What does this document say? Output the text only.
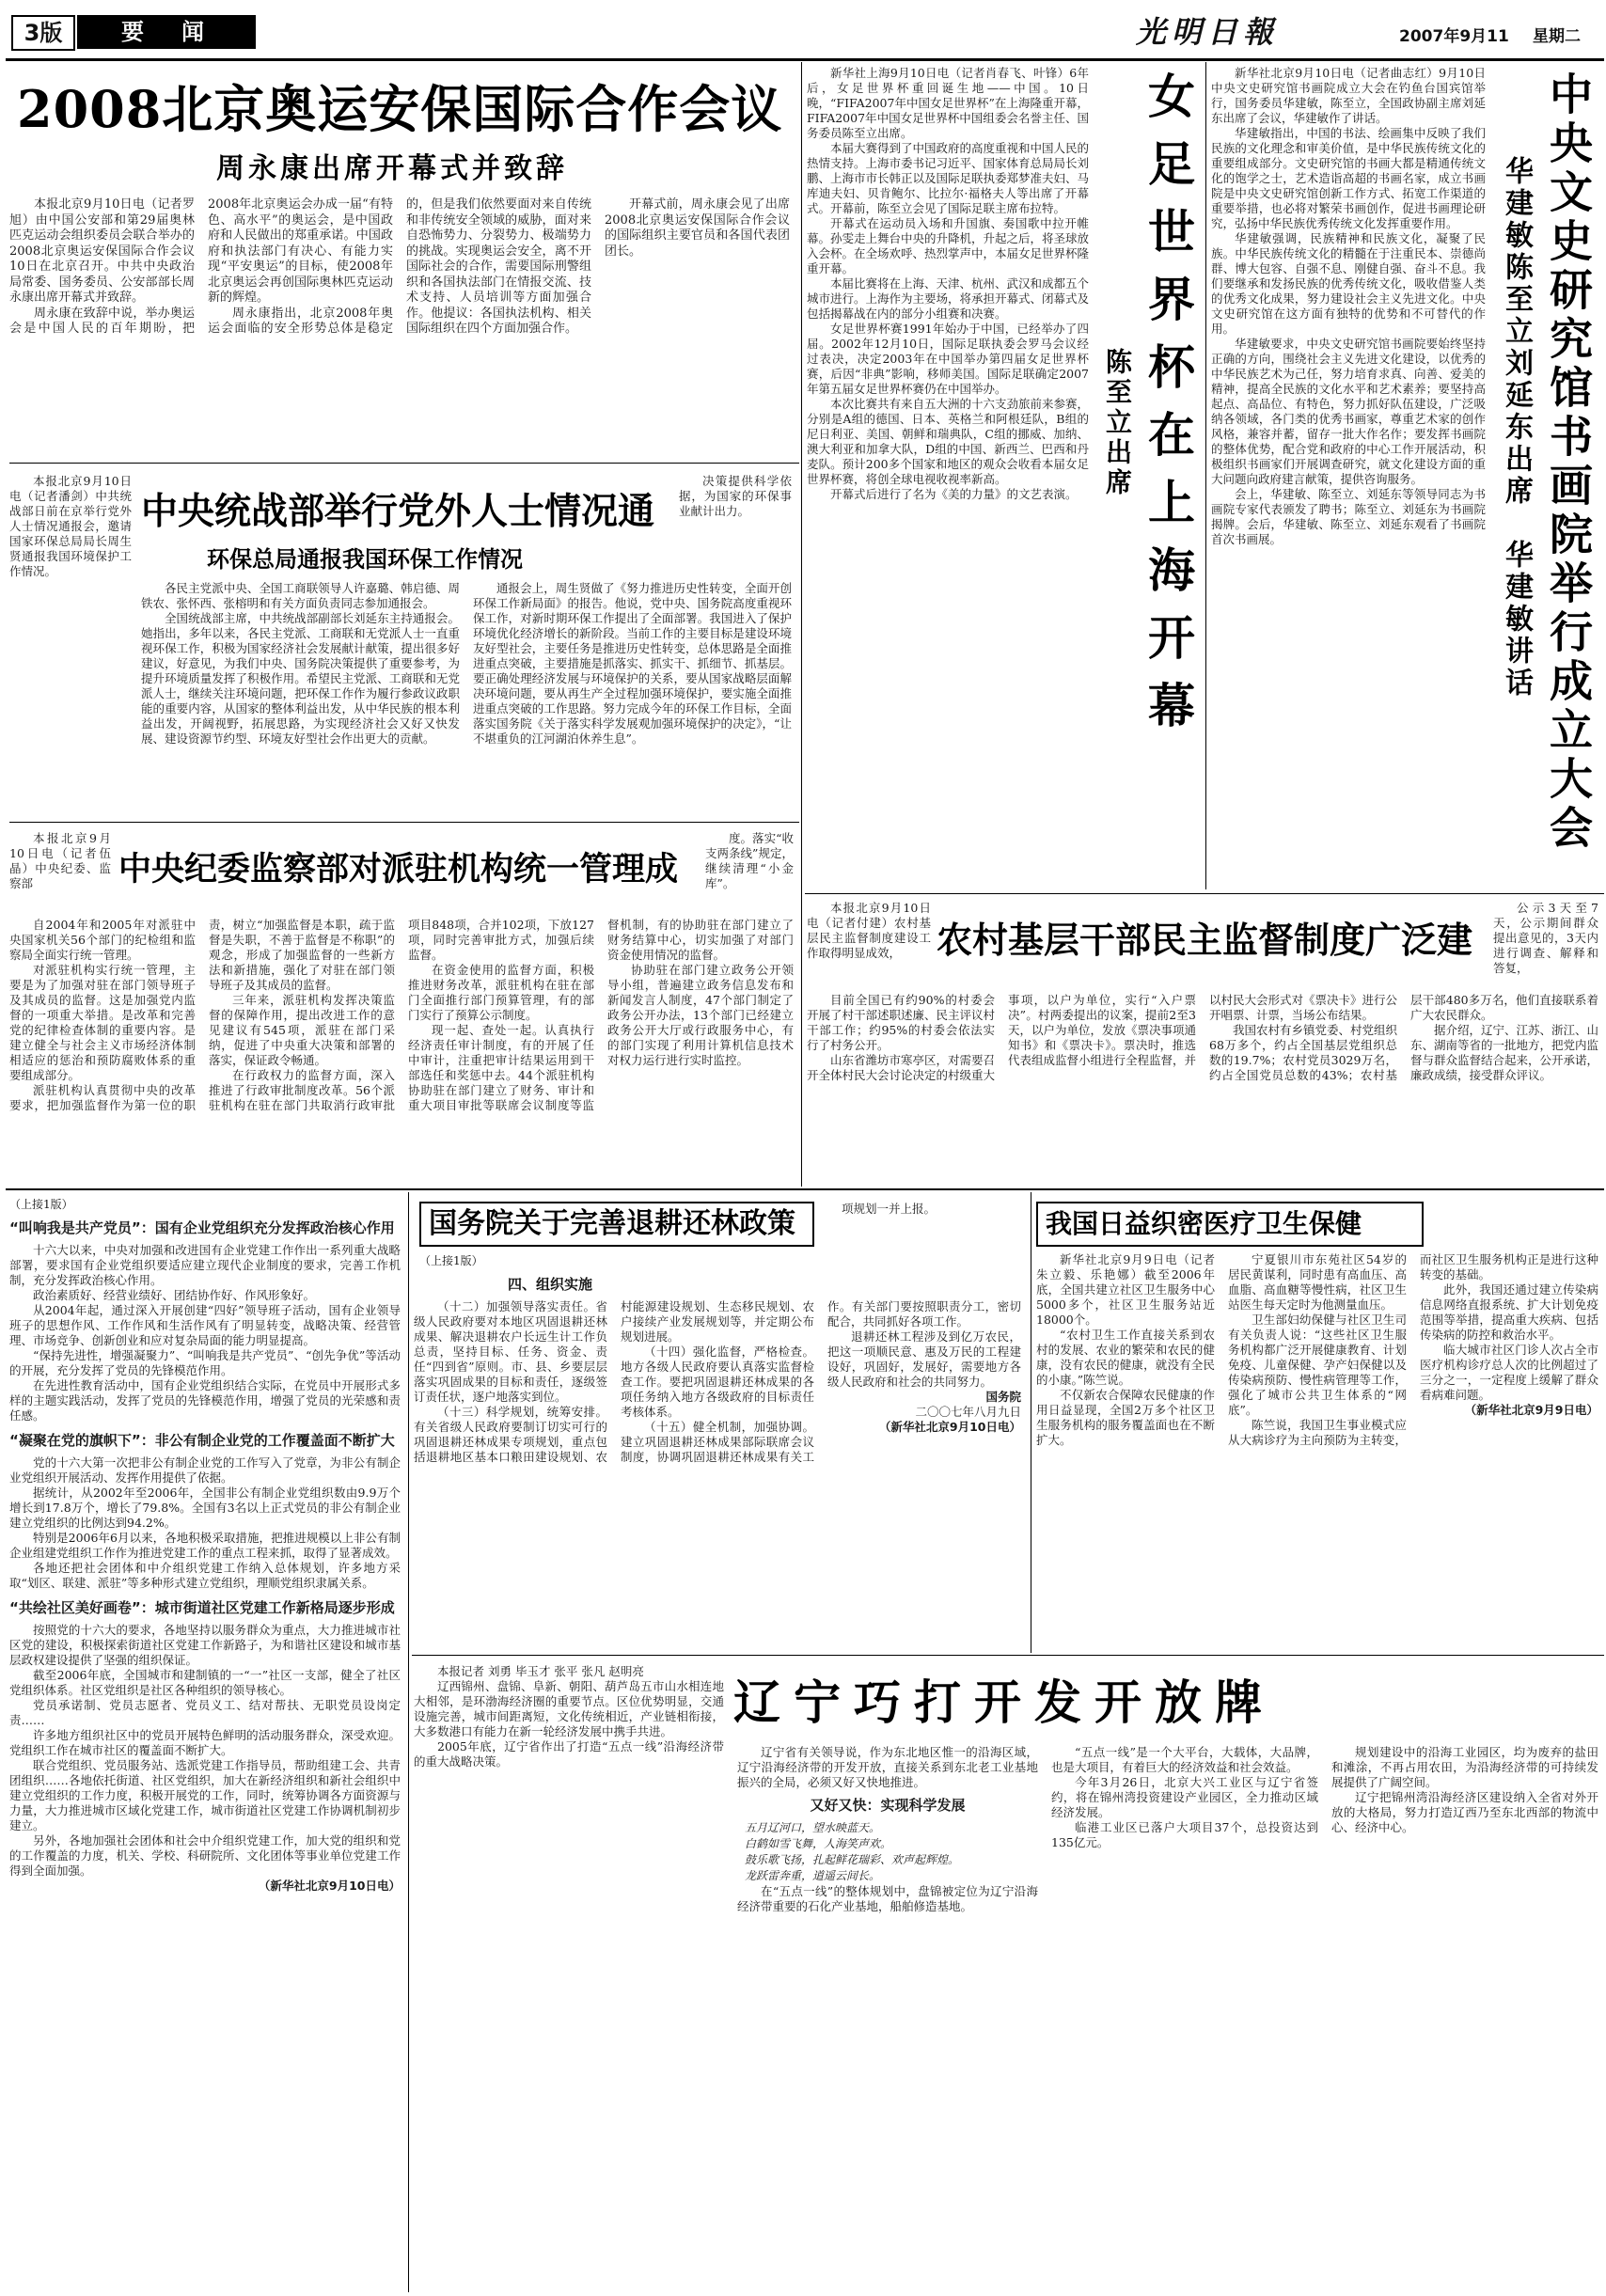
3版	要　闻	光明日報	2007年9月11	星期二
2008北京奥运安保国际合作会议
周永康出席开幕式并致辞

本报北京9月10日电（记者罗旭）由中国公安部和第29届奥林匹克运动会组织委员会联合举办的2008北京奥运安保国际合作会议10日在北京召开。中共中央政治局常委、国务委员、公安部部长周永康出席开幕式并致辞。

周永康在致辞中说，举办奥运会是中国人民的百年期盼，把2008年北京奥运会办成一届“有特色、高水平”的奥运会，是中国政府和人民做出的郑重承诺。中国政府和执法部门有决心、有能力实现“平安奥运”的目标，使2008年北京奥运会再创国际奥林匹克运动新的辉煌。

周永康指出，北京2008年奥运会面临的安全形势总体是稳定的，但是我们依然要面对来自传统和非传统安全领域的威胁，面对来自恐怖势力、分裂势力、极端势力的挑战。实现奥运会安全，离不开国际社会的合作，需要国际刑警组织和各国执法部门在情报交流、技术支持、人员培训等方面加强合作。他提议：各国执法机构、相关国际组织在四个方面加强合作。

开幕式前，周永康会见了出席2008北京奥运安保国际合作会议的国际组织主要官员和各国代表团团长。

本报北京9月10日电（记者潘剑）中共统战部日前在京举行党外人士情况通报会，邀请国家环保总局局长周生贤通报我国环境保护工作情况。

中央统战部举行党外人士情况通
环保总局通报我国环保工作情况

决策提供科学依据，为国家的环保事业献计出力。

各民主党派中央、全国工商联领导人许嘉璐、韩启德、周铁农、张怀西、张榕明和有关方面负责同志参加通报会。

全国统战部主席，中共统战部副部长刘延东主持通报会。她指出，多年以来，各民主党派、工商联和无党派人士一直重视环保工作，积极为国家经济社会发展献计献策，提出很多好建议，好意见，为我们中央、国务院决策提供了重要参考，为提升环境质量发挥了积极作用。希望民主党派、工商联和无党派人士，继续关注环境问题，把环保工作作为履行参政议政职能的重要内容，从国家的整体利益出发，从中华民族的根本利益出发，开阔视野，拓展思路，为实现经济社会又好又快发展、建设资源节约型、环境友好型社会作出更大的贡献。

通报会上，周生贤做了《努力推进历史性转变，全面开创环保工作新局面》的报告。他说，党中央、国务院高度重视环保工作，对新时期环保工作提出了全面部署。我国进入了保护环境优化经济增长的新阶段。当前工作的主要目标是建设环境友好型社会，主要任务是推进历史性转变，总体思路是全面推进重点突破，主要措施是抓落实、抓实干、抓细节、抓基层。要正确处理经济发展与环境保护的关系，要从国家战略层面解决环境问题，要从再生产全过程加强环境保护，要实施全面推进重点突破的工作思路。努力完成今年的环保工作目标，全面落实国务院《关于落实科学发展观加强环境保护的决定》，“让不堪重负的江河湖泊休养生息”。

本报北京9月10日电（记者伍晶）中央纪委、监察部	中央纪委监察部对派驻机构统一管理成

度。落实“收支两条线”规定，继续清理“小金库”。

自2004年和2005年对派驻中央国家机关56个部门的纪检组和监察局全面实行统一管理。

对派驻机构实行统一管理，主要是为了加强对驻在部门领导班子及其成员的监督。这是加强党内监督的一项重大举措。是改革和完善党的纪律检查体制的重要内容。是建立健全与社会主义市场经济体制相适应的惩治和预防腐败体系的重要组成部分。

派驻机构认真贯彻中央的改革要求，把加强监督作为第一位的职责，树立“加强监督是本职，疏于监督是失职，不善于监督是不称职”的观念，形成了加强监督的一些新方法和新措施，强化了对驻在部门领导班子及其成员的监督。

三年来，派驻机构发挥决策监督的保障作用，提出改进工作的意见建议有545项，派驻在部门采纳，促进了中央重大决策和部署的落实，保证政令畅通。

在行政权力的监督方面，深入推进了行政审批制度改革。56个派驻机构在驻在部门共取消行政审批项目848项，合并102项，下放127项，同时完善审批方式，加强后续监督。

在资金使用的监督方面，积极推进财务改革，派驻机构在驻在部门全面推行部门预算管理，有的部门实行了预算公示制度。

现一起、查处一起。认真执行经济责任审计制度，有的开展了任中审计，注重把审计结果运用到干部选任和奖惩中去。44个派驻机构协助驻在部门建立了财务、审计和重大项目审批等联席会议制度等监督机制，有的协助驻在部门建立了财务结算中心，切实加强了对部门资金使用情况的监督。

协助驻在部门建立政务公开领导小组，普遍建立政务信息发布和新闻发言人制度，47个部门制定了政务公开办法，13个部门已经建立政务公开大厅或行政服务中心，有的部门实现了利用计算机信息技术对权力运行进行实时监控。

新华社上海9月10日电（记者肖春飞、叶锋）6年后，女足世界杯重回诞生地——中国。10日晚，“FIFA2007年中国女足世界杯”在上海隆重开幕，FIFA2007年中国女足世界杯中国组委会名誉主任、国务委员陈至立出席。

本届大赛得到了中国政府的高度重视和中国人民的热情支持。上海市委书记习近平、国家体育总局局长刘鹏、上海市市长韩正以及国际足联执委郑梦准夫妇、马库迪夫妇、贝肯鲍尔、比拉尔·福格夫人等出席了开幕式。开幕前，陈至立会见了国际足联主席布拉特。

开幕式在运动员入场和升国旗、奏国歌中拉开帷幕。孙雯走上舞台中央的升降机，升起之后，将圣球放入会杯。在全场欢呼、热烈掌声中，本届女足世界杯隆重开幕。

本届比赛将在上海、天津、杭州、武汉和成都五个城市进行。上海作为主要场，将承担开幕式、闭幕式及包括揭幕战在内的部分小组赛和决赛。

女足世界杯赛1991年始办于中国，已经举办了四届。2002年12月10日，国际足联执委会罗马会议经过表决，决定2003年在中国举办第四届女足世界杯赛，后因“非典”影响，移师美国。国际足联确定2007年第五届女足世界杯赛仍在中国举办。

本次比赛共有来自五大洲的十六支劲旅前来参赛，分别是A组的德国、日本、英格兰和阿根廷队，B组的尼日利亚、美国、朝鲜和瑞典队，C组的挪威、加纳、澳大利亚和加拿大队，D组的中国、新西兰、巴西和丹麦队。预计200多个国家和地区的观众会收看本届女足世界杯赛，将创全球电视收视率新高。

开幕式后进行了名为《美的力量》的文艺表演。 女足世界杯在上海开幕
陈至立出席

新华社北京9月10日电（记者曲志红）9月10日中央文史研究馆书画院成立大会在钓鱼台国宾馆举行，国务委员华建敏，陈至立，全国政协副主席刘延东出席了会议，华建敏作了讲话。

华建敏指出，中国的书法、绘画集中反映了我们民族的文化理念和审美价值，是中华民族传统文化的重要组成部分。文史研究馆的书画大都是精通传统文化的饱学之士，艺术造诣高超的书画名家，成立书画院是中央文史研究馆创新工作方式、拓宽工作渠道的重要举措，也必将对繁荣书画创作，促进书画理论研究，弘扬中华民族优秀传统文化发挥重要作用。

华建敏强调，民族精神和民族文化，凝聚了民族。中华民族传统文化的精髓在于注重民本、崇德尚群、博大包容、自强不息、刚健自强、奋斗不息。我们要继承和发扬民族的优秀传统文化，吸收借鉴人类的优秀文化成果，努力建设社会主义先进文化。中央文史研究馆在这方面有独特的优势和不可替代的作用。

华建敏要求，中央文史研究馆书画院要始终坚持正确的方向，围绕社会主义先进文化建设，以优秀的中华民族艺术为己任，努力培育求真、向善、爱美的精神，提高全民族的文化水平和艺术素养；要坚持高起点、高品位、有特色，努力抓好队伍建设，广泛吸纳各领域，各门类的优秀书画家，尊重艺术家的创作风格，兼容并蓄，留存一批大作名作；要发挥书画院的整体优势，配合党和政府的中心工作开展活动，积极组织书画家们开展调查研究，就文化建设方面的重大问题向政府建言献策，提供咨询服务。

会上，华建敏、陈至立、刘延东等领导同志为书画院专家代表颁发了聘书；陈至立、刘延东为书画院揭牌。会后，华建敏、陈至立、刘延东观看了书画院首次书画展。	中央文史研究馆书画院举行成立大会
华建敏陈至立刘延东出席　华建敏讲话

本报北京9月10日电（记者付建）农村基层民主监督制度建设工作取得明显成效， 农村基层干部民主监督制度广泛建

公示3天至7天，公示期间群众提出意见的，3天内进行调查、解释和答复，

目前全国已有约90%的村委会开展了村干部述职述廉、民主评议村干部工作；约95%的村委会依法实行了村务公开。

山东省潍坊市寒亭区，对需要召开全体村民大会讨论决定的村级重大事项，以户为单位，实行“入户票决”。村两委提出的议案，提前2至3天，以户为单位，发放《票决事项通知书》和《票决卡》。票决时，推选代表组成监督小组进行全程监督，并以村民大会形式对《票决卡》进行公开唱票、计票，当场公布结果。

我国农村有乡镇党委、村党组织68万多个，约占全国基层党组织总数的19.7%；农村党员3029万名，约占全国党员总数的43%；农村基层干部480多万名，他们直接联系着广大农民群众。

据介绍，辽宁、江苏、浙江、山东、湖南等省的一批地方，把党内监督与群众监督结合起来，公开承诺，廉政成绩，接受群众评议。

（上接1版）
“叫响我是共产党员”：国有企业党组织充分发挥政治核心作用

十六大以来，中央对加强和改进国有企业党建工作作出一系列重大战略部署，要求国有企业党组织要适应建立现代企业制度的要求，完善工作机制，充分发挥政治核心作用。

政治素质好、经营业绩好、团结协作好、作风形象好。

从2004年起，通过深入开展创建“四好”领导班子活动，国有企业领导班子的思想作风、工作作风和生活作风有了明显转变，战略决策、经营管理、市场竞争、创新创业和应对复杂局面的能力明显提高。

“保持先进性，增强凝聚力”、“叫响我是共产党员”、“创先争优”等活动的开展，充分发挥了党员的先锋模范作用。

在先进性教育活动中，国有企业党组织结合实际，在党员中开展形式多样的主题实践活动，发挥了党员的先锋模范作用，增强了党员的光荣感和责任感。

“凝聚在党的旗帜下”：非公有制企业党的工作覆盖面不断扩大

党的十六大第一次把非公有制企业党的工作写入了党章，为非公有制企业党组织开展活动、发挥作用提供了依据。

据统计，从2002年至2006年，全国非公有制企业党组织数由9.9万个增长到17.8万个，增长了79.8%。全国有3名以上正式党员的非公有制企业建立党组织的比例达到94.2%。

特别是2006年6月以来，各地积极采取措施，把推进规模以上非公有制企业组建党组织工作作为推进党建工作的重点工程来抓，取得了显著成效。

各地还把社会团体和中介组织党建工作纳入总体规划，许多地方采取“划区、联建、派驻”等多种形式建立党组织，理顺党组织隶属关系。

“共绘社区美好画卷”：城市街道社区党建工作新格局逐步形成

按照党的十六大的要求，各地坚持以服务群众为重点，大力推进城市社区党的建设，积极探索街道社区党建工作新路子，为和谐社区建设和城市基层政权建设提供了坚强的组织保证。

截至2006年底，全国城市和建制镇的一“一”社区一支部，健全了社区党组织体系。社区党组织是社区各种组织的领导核心。

党员承诺制、党员志愿者、党员义工、结对帮扶、无职党员设岗定责……

许多地方组织社区中的党员开展特色鲜明的活动服务群众，深受欢迎。党组织工作在城市社区的覆盖面不断扩大。

联合党组织、党员服务站、选派党建工作指导员，帮助组建工会、共青团组织……各地依托街道、社区党组织，加大在新经济组织和新社会组织中建立党组织的工作力度，积极开展党的工作，同时，统筹协调各方面资源与力量，大力推进城市区域化党建工作，城市街道社区党建工作协调机制初步建立。

另外，各地加强社会团体和社会中介组织党建工作，加大党的组织和党的工作覆盖的力度，机关、学校、科研院所、文化团体等事业单位党建工作得到全面加强。

（新华社北京9月10日电）

国务院关于完善退耕还林政策
（上接1版）
四、组织实施

项规划一并上报。

（十二）加强领导落实责任。省级人民政府要对本地区巩固退耕还林成果、解决退耕农户长远生计工作负总责，坚持目标、任务、资金、责任“四到省”原则。市、县、乡要层层落实巩固成果的目标和责任，逐级签订责任状，逐户地落实到位。

（十三）科学规划，统筹安排。有关省级人民政府要制订切实可行的巩固退耕还林成果专项规划，重点包括退耕地区基本口粮田建设规划、农村能源建设规划、生态移民规划、农户接续产业发展规划等，并定期公布规划进展。

（十四）强化监督，严格检查。地方各级人民政府要认真落实监督检查工作。要把巩固退耕还林成果的各项任务纳入地方各级政府的目标责任考核体系。

（十五）健全机制，加强协调。建立巩固退耕还林成果部际联席会议制度，协调巩固退耕还林成果有关工作。有关部门要按照职责分工，密切配合，共同抓好各项工作。

退耕还林工程涉及到亿万农民，把这一项顺民意、惠及万民的工程建设好，巩固好，发展好，需要地方各级人民政府和社会的共同努力。

国务院

二〇〇七年八月九日

（新华社北京9月10日电）

我国日益织密医疗卫生保健

新华社北京9月9日电（记者朱立毅、乐艳娜）截至2006年底，全国共建立社区卫生服务中心5000多个，社区卫生服务站近18000个。

“农村卫生工作直接关系到农村的发展、农业的繁荣和农民的健康，没有农民的健康，就没有全民的小康。”陈竺说。

不仅新农合保障农民健康的作用日益显现，全国2万多个社区卫生服务机构的服务覆盖面也在不断扩大。

宁夏银川市东苑社区54岁的居民黄谋利，同时患有高血压、高血脂、高血糖等慢性病，社区卫生站医生每天定时为他测量血压。

卫生部妇幼保健与社区卫生司有关负责人说：“这些社区卫生服务机构都广泛开展健康教育、计划免疫、儿童保健、孕产妇保健以及传染病预防、慢性病管理等工作，强化了城市公共卫生体系的“网底”。

陈竺说，我国卫生事业模式应从大病诊疗为主向预防为主转变，而社区卫生服务机构正是进行这种转变的基础。

此外，我国还通过建立传染病信息网络直报系统、扩大计划免疫范围等举措，提高重大疾病、包括传染病的防控和救治水平。

临大城市社区门诊人次占全市医疗机构诊疗总人次的比例超过了三分之一，一定程度上缓解了群众看病难问题。

（新华社北京9月9日电）

辽宁巧打开发开放牌

本报记者 刘勇 毕玉才 张平 张凡 赵明亮

辽西锦州、盘锦、阜新、朝阳、葫芦岛五市山水相连地大相邻，是环渤海经济圈的重要节点。区位优势明显，交通设施完善，城市间距离短，文化传统相近，产业链相衔接，大多数港口有能力在新一轮经济发展中携手共进。

2005年底，辽宁省作出了打造“五点一线”沿海经济带的重大战略决策。

辽宁省有关领导说，作为东北地区惟一的沿海区域，辽宁沿海经济带的开发开放，直接关系到东北老工业基地振兴的全局，必须又好又快地推进。

又好又快：实现科学发展
五月辽河口，望水映蓝天。
白鹤如雪飞舞，人海笑声欢。
鼓乐歌飞扬，扎起鲜花瑞彩、欢声起辉煌。
龙跃雷奔重，道遥云间长。

在“五点一线”的整体规划中，盘锦被定位为辽宁沿海经济带重要的石化产业基地，船舶修造基地。

“五点一线”是一个大平台，大载体，大品牌，也是大项目，有着巨大的经济效益和社会效益。

今年3月26日，北京大兴工业区与辽宁省签约，将在锦州湾投资建设产业园区，全力推动区域经济发展。

临港工业区已落户大项目37个，总投资达到135亿元。

规划建设中的沿海工业园区，均为废弃的盐田和滩涂，不再占用农田，为沿海经济带的可持续发展提供了广阔空间。

辽宁把锦州湾沿海经济区建设纳入全省对外开放的大格局，努力打造辽西乃至东北西部的物流中心、经济中心。
